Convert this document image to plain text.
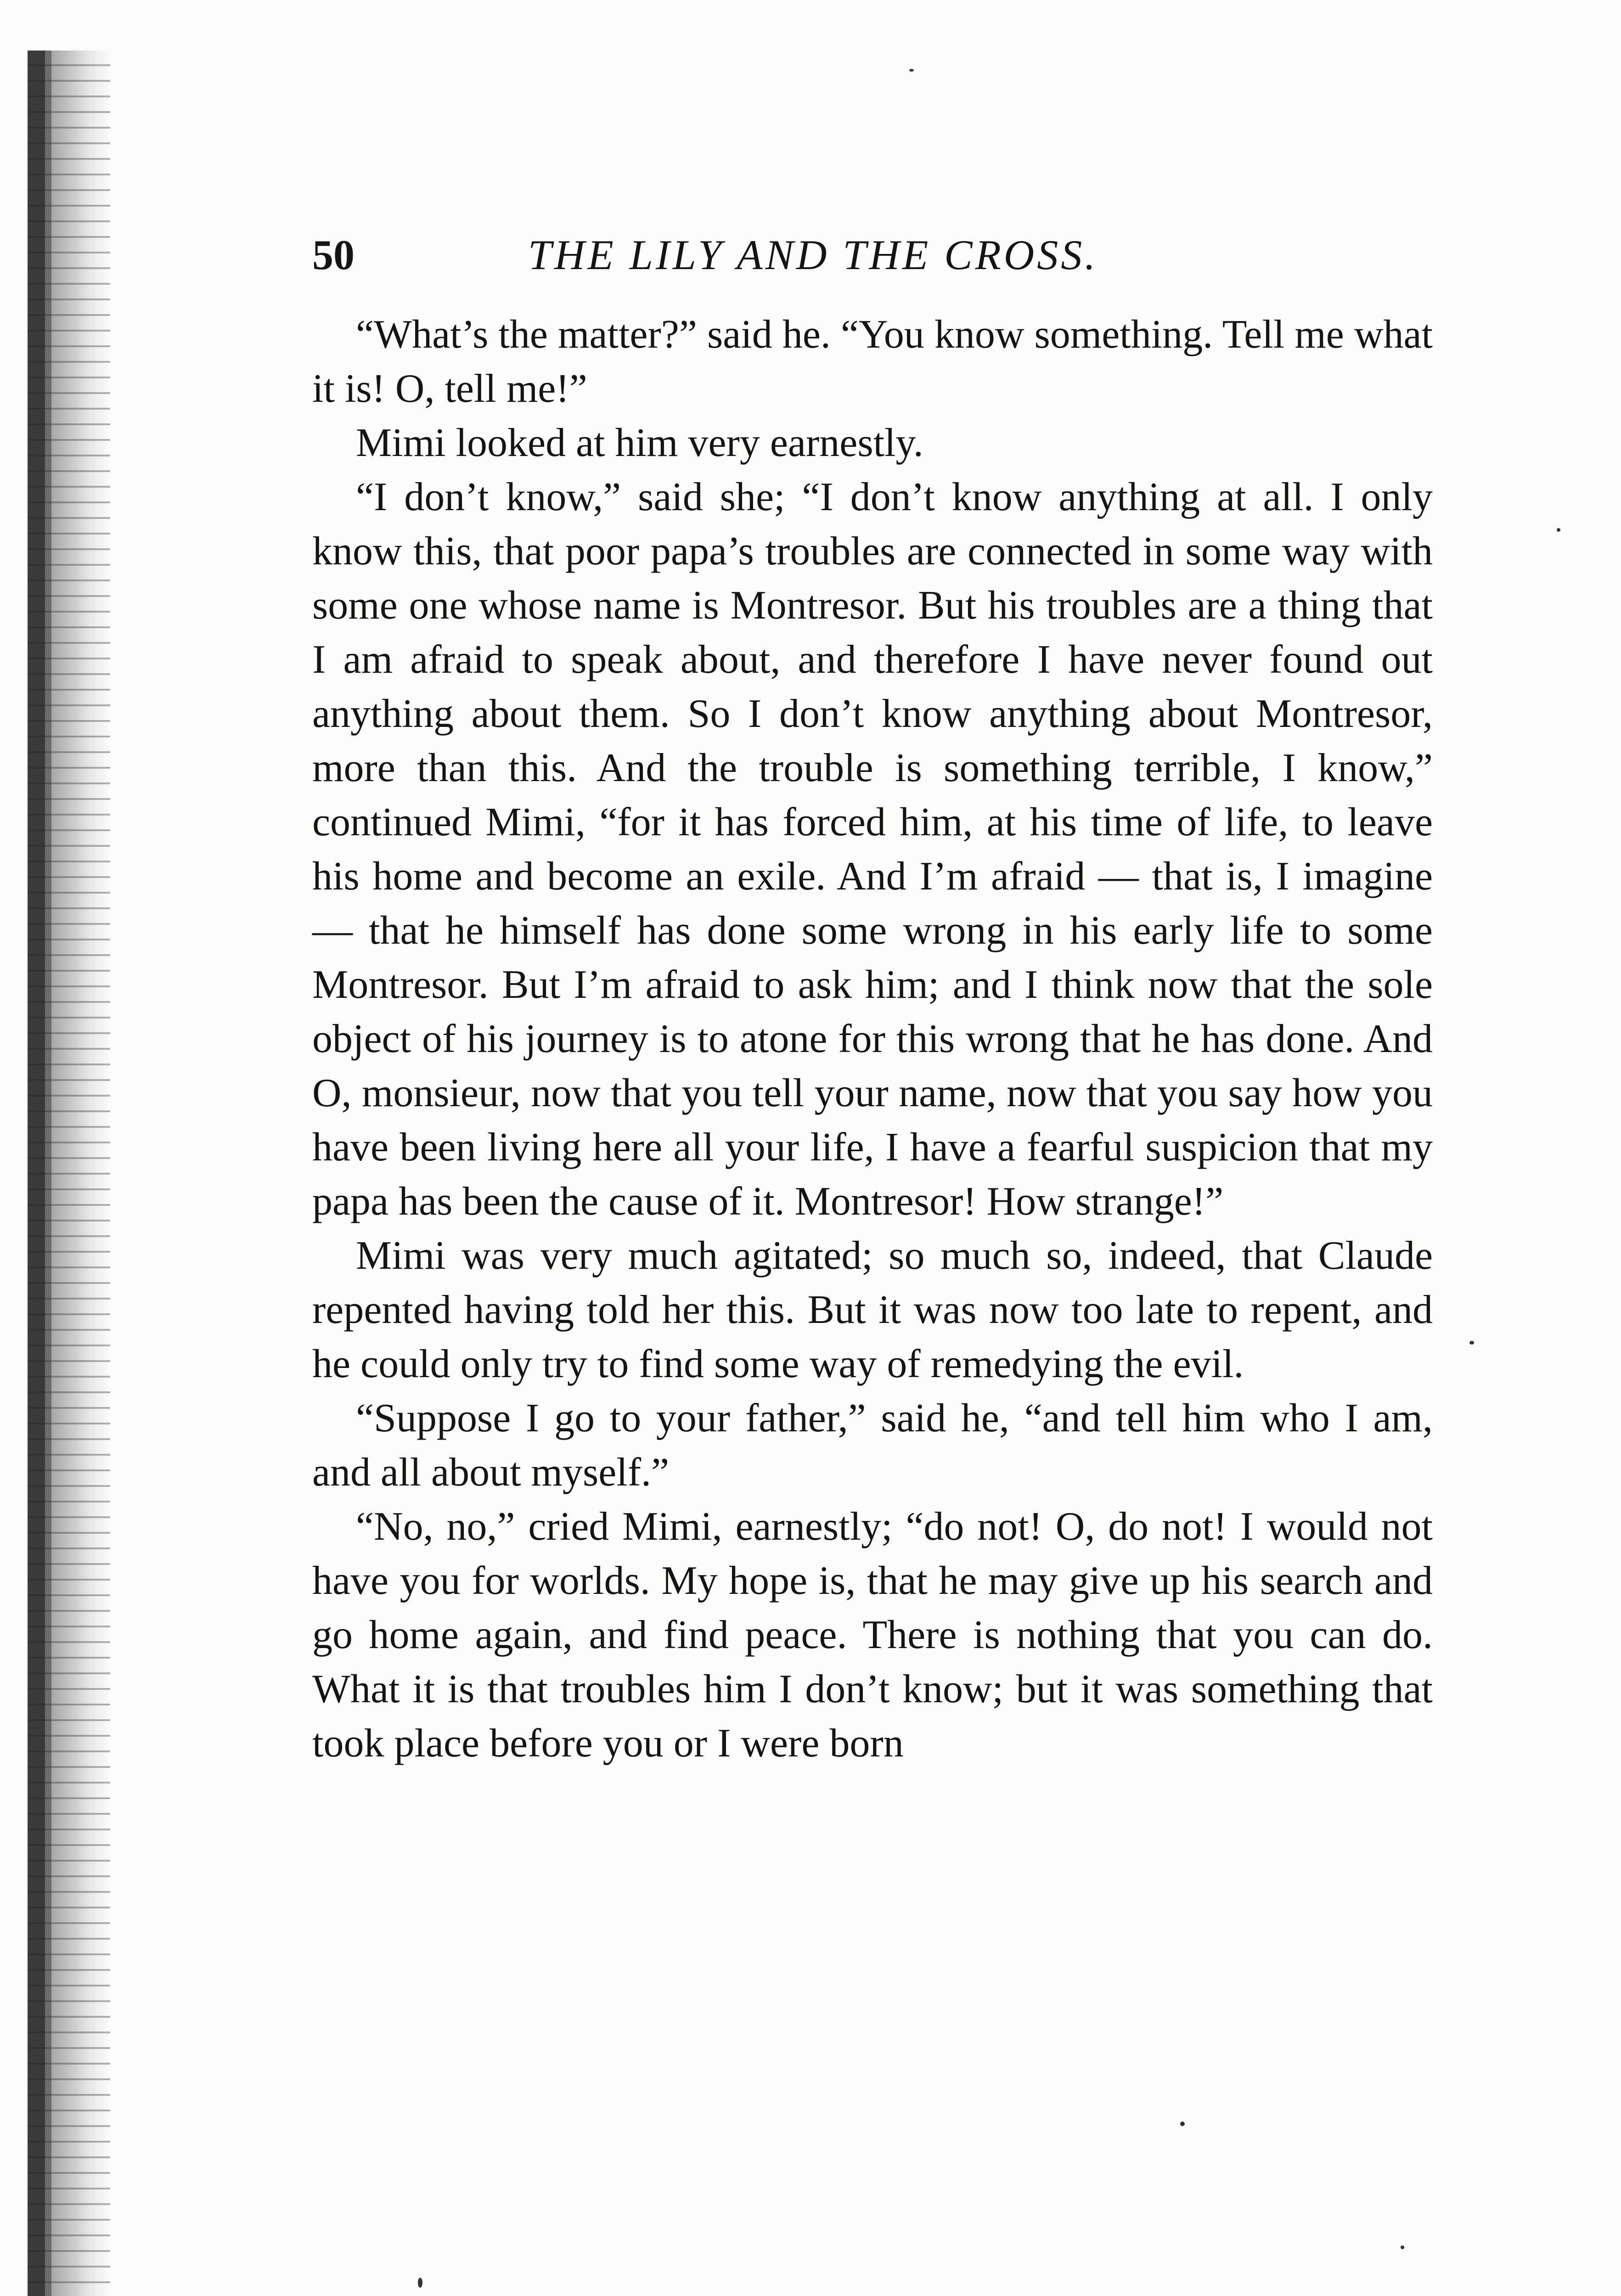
50	THE LILY AND THE CROSS.

“What’s the matter?” said he. “You know something. Tell me what it is! O, tell me!”

Mimi looked at him very earnestly.

“I don’t know,” said she; “I don’t know anything at all. I only know this, that poor papa’s troubles are connected in some way with some one whose name is Montresor. But his troubles are a thing that I am afraid to speak about, and therefore I have never found out anything about them. So I don’t know anything about Montresor, more than this. And the trouble is something terrible, I know,” continued Mimi, “for it has forced him, at his time of life, to leave his home and become an exile. And I’m afraid — that is, I imagine — that he himself has done some wrong in his early life to some Montresor. But I’m afraid to ask him; and I think now that the sole object of his journey is to atone for this wrong that he has done. And O, monsieur, now that you tell your name, now that you say how you have been living here all your life, I have a fearful suspicion that my papa has been the cause of it. Montresor! How strange!”

Mimi was very much agitated; so much so, indeed, that Claude repented having told her this. But it was now too late to repent, and he could only try to find some way of remedying the evil.

“Suppose I go to your father,” said he, “and tell him who I am, and all about myself.”

“No, no,” cried Mimi, earnestly; “do not! O, do not! I would not have you for worlds. My hope is, that he may give up his search and go home again, and find peace. There is nothing that you can do. What it is that troubles him I don’t know; but it was something that took place before you or I were born
